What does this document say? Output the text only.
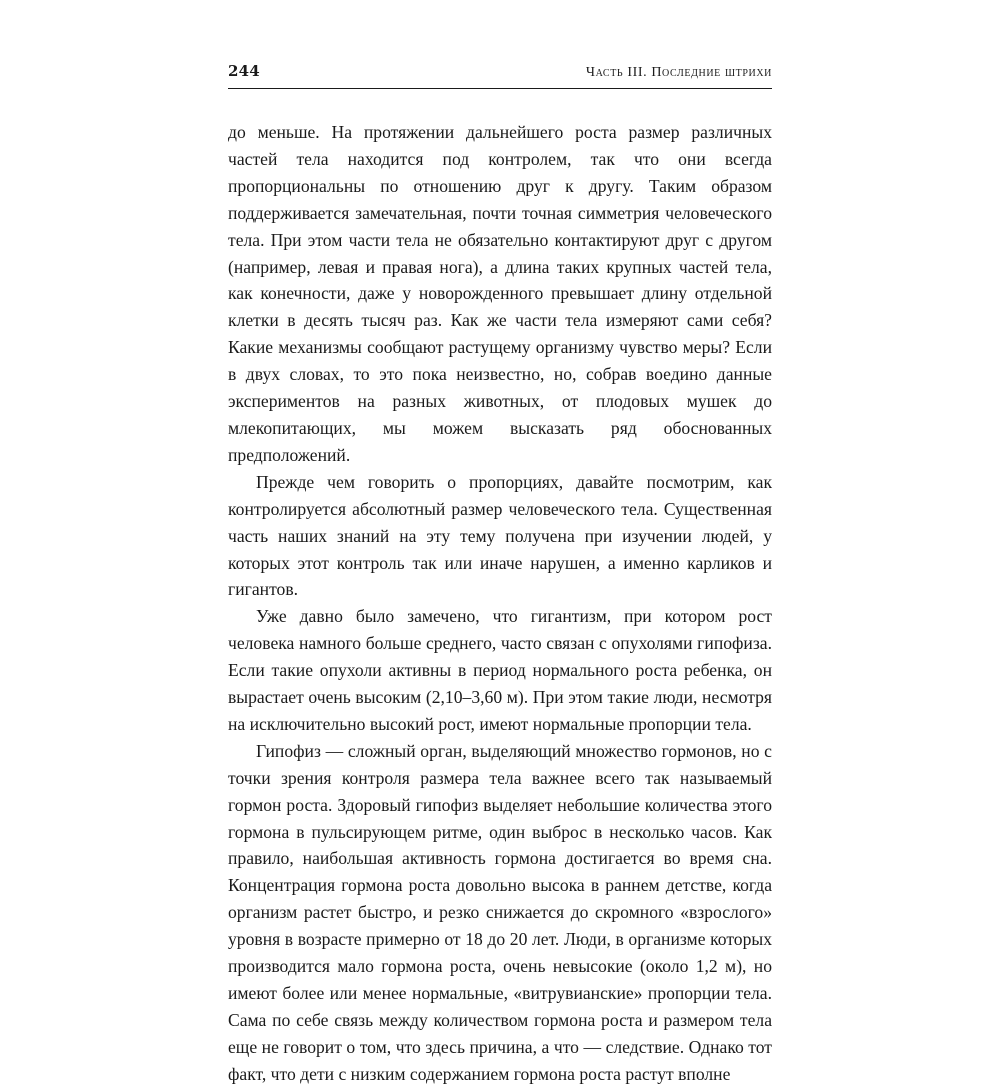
244	Часть III. Последние штрихи

до меньше. На протяжении дальнейшего роста размер различных частей тела находится под контролем, так что они всегда пропорциональны по отношению друг к другу. Таким образом поддерживается замечательная, почти точная симметрия человеческого тела. При этом части тела не обязательно контактируют друг с другом (например, левая и правая нога), а длина таких крупных частей тела, как конечности, даже у новорожденного превышает длину отдельной клетки в десять тысяч раз. Как же части тела измеряют сами себя? Какие механизмы сообщают растущему организму чувство меры? Если в двух словах, то это пока неизвестно, но, собрав воедино данные экспериментов на разных животных, от плодовых мушек до млекопитающих, мы можем высказать ряд обоснованных предположений.

Прежде чем говорить о пропорциях, давайте посмотрим, как контролируется абсолютный размер человеческого тела. Существенная часть наших знаний на эту тему получена при изучении людей, у которых этот контроль так или иначе нарушен, а именно карликов и гигантов.

Уже давно было замечено, что гигантизм, при котором рост человека намного больше среднего, часто связан с опухолями гипофиза. Если такие опухоли активны в период нормального роста ребенка, он вырастает очень высоким (2,10–3,60 м). При этом такие люди, несмотря на исключительно высокий рост, имеют нормальные пропорции тела.

Гипофиз — сложный орган, выделяющий множество гормонов, но с точки зрения контроля размера тела важнее всего так называемый гормон роста. Здоровый гипофиз выделяет небольшие количества этого гормона в пульсирующем ритме, один выброс в несколько часов. Как правило, наибольшая активность гормона достигается во время сна. Концентрация гормона роста довольно высока в раннем детстве, когда организм растет быстро, и резко снижается до скромного «взрослого» уровня в возрасте примерно от 18 до 20 лет. Люди, в организме которых производится мало гормона роста, очень невысокие (около 1,2 м), но имеют более или менее нормальные, «витрувианские» пропорции тела. Сама по себе связь между количеством гормона роста и размером тела еще не говорит о том, что здесь причина, а что — следствие. Однако тот факт, что дети с низким содержанием гормона роста растут вполне
